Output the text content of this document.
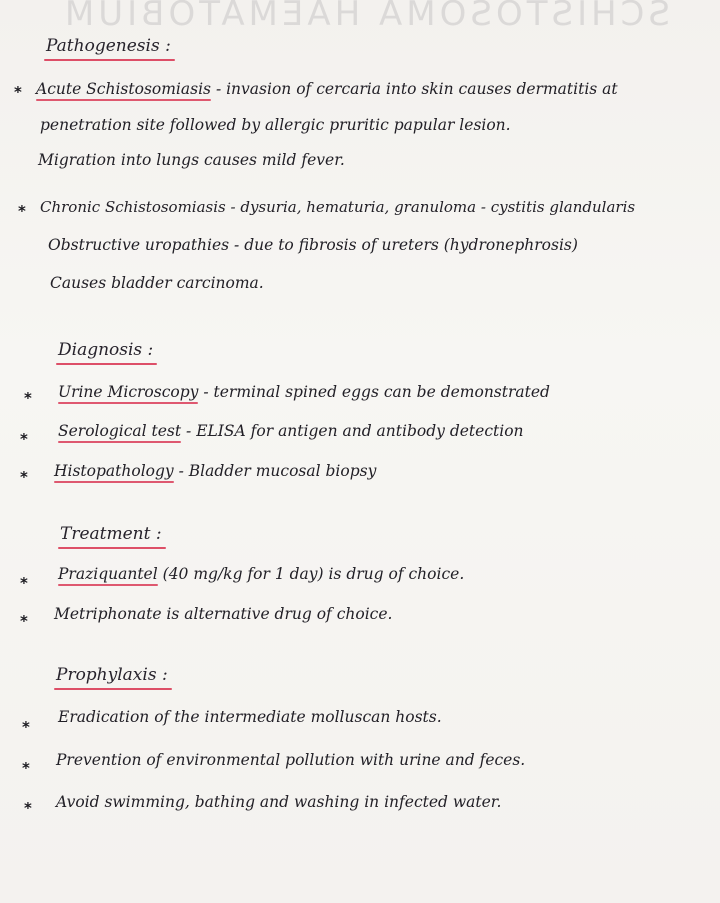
SCHISTOSOMA HAEMATOBIUM
Pathogenesis :
* Acute Schistosomiasis - invasion of cercaria into skin causes dermatitis at
penetration site followed by allergic pruritic papular lesion.
Migration into lungs causes mild fever.
* Chronic Schistosomiasis - dysuria, hematuria, granuloma - cystitis glandularis
Obstructive uropathies - due to fibrosis of ureters (hydronephrosis)
Causes bladder carcinoma.
Diagnosis :
* Urine Microscopy - terminal spined eggs can be demonstrated
* Serological test - ELISA for antigen and antibody detection
* Histopathology - Bladder mucosal biopsy
Treatment :
* Praziquantel (40 mg/kg for 1 day) is drug of choice.
* Metriphonate is alternative drug of choice.
Prophylaxis :
*
Eradication of the intermediate molluscan hosts.
* Prevention of environmental pollution with urine and feces.
* Avoid swimming, bathing and washing in infected water.
